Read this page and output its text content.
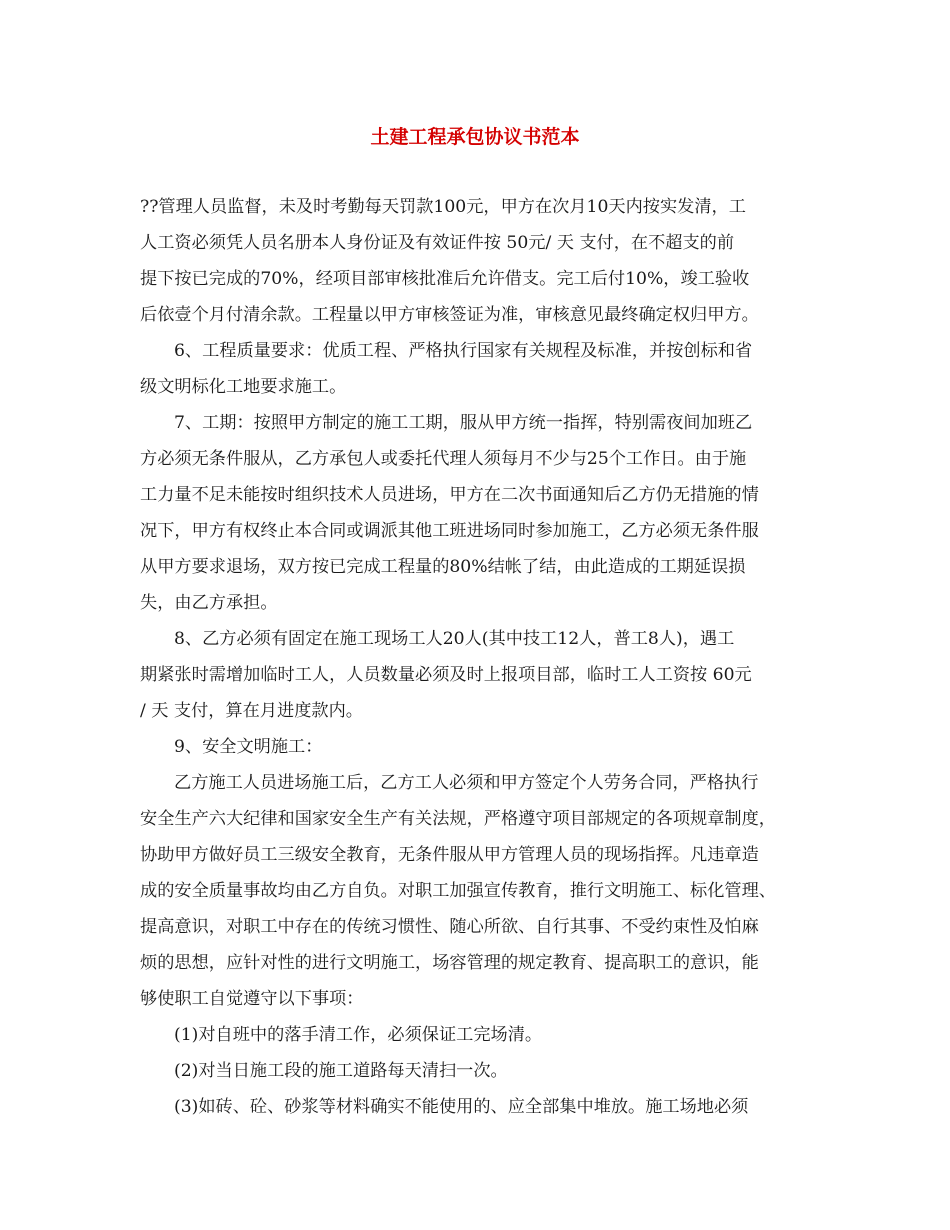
土建工程承包协议书范本
??管理人员监督，未及时考勤每天罚款100元，甲方在次月10天内按实发清，工
人工资必须凭人员名册本人身份证及有效证件按 50元/ 天 支付，在不超支的前
提下按已完成的70%，经项目部审核批准后允许借支。完工后付10%，竣工验收
后依壹个月付清余款。工程量以甲方审核签证为准，审核意见最终确定权归甲方。
6、工程质量要求：优质工程、严格执行国家有关规程及标准，并按创标和省
级文明标化工地要求施工。
7、工期：按照甲方制定的施工工期，服从甲方统一指挥，特别需夜间加班乙
方必须无条件服从，乙方承包人或委托代理人须每月不少与25个工作日。由于施
工力量不足未能按时组织技术人员进场，甲方在二次书面通知后乙方仍无措施的情
况下，甲方有权终止本合同或调派其他工班进场同时参加施工，乙方必须无条件服
从甲方要求退场，双方按已完成工程量的80%结帐了结，由此造成的工期延误损
失，由乙方承担。
8、乙方必须有固定在施工现场工人20人(其中技工12人，普工8人)，遇工
期紧张时需增加临时工人，人员数量必须及时上报项目部，临时工人工资按 60元
/ 天 支付，算在月进度款内。
9、安全文明施工：
乙方施工人员进场施工后，乙方工人必须和甲方签定个人劳务合同，严格执行
安全生产六大纪律和国家安全生产有关法规，严格遵守项目部规定的各项规章制度，
协助甲方做好员工三级安全教育，无条件服从甲方管理人员的现场指挥。凡违章造
成的安全质量事故均由乙方自负。对职工加强宣传教育，推行文明施工、标化管理、
提高意识，对职工中存在的传统习惯性、随心所欲、自行其事、不受约束性及怕麻
烦的思想，应针对性的进行文明施工，场容管理的规定教育、提高职工的意识，能
够使职工自觉遵守以下事项：
(1)对自班中的落手清工作，必须保证工完场清。
(2)对当日施工段的施工道路每天清扫一次。
(3)如砖、砼、砂浆等材料确实不能使用的、应全部集中堆放。施工场地必须
